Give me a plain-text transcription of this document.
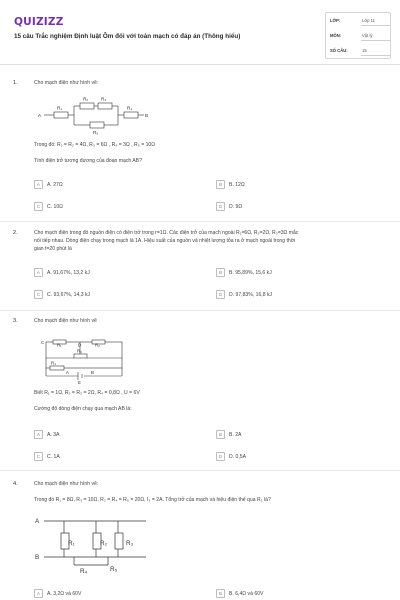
QUIZIZZ
15 câu Trắc nghiệm Định luật Ôm đối với toàn mạch có đáp án (Thông hiểu)
LỚP:	Lớp 11
MÔN:	Vật lý
SỐ CÂU:	15
1.	Cho mạch điện như hình vẽ:
A
R₁
R₂	R₃
R₄
R₅
B
Trong đó: R₁ = R₂ = 4Ω, R₃ = 6Ω , R₄ = 3Ω , R₅ = 10Ω
Tính điện trở tương đương của đoạn mạch AB?
A	A. 27Ω	B	B. 12Ω
C	C. 10Ω	D	D. 9Ω
2.	Cho mạch điện trong đó nguồn điện có điện trở trong r=1Ω. Các điện trở của mạch ngoài R₁=6Ω, R₂=2Ω, R₃=3Ω mắc
nối tiếp nhau. Dòng điện chạy trong mạch là 1A. Hiệu suất của nguồn và nhiệt lượng tỏa ra ở mạch ngoài trong thời
gian t=20 phút là
A	A. 91,67%, 13,2 kJ	B	B. 95,89%, 15,6 kJ
C	C. 93,67%, 14,3 kJ	D	D. 97,83%, 16,8 kJ
3.	Cho mạch điện như hình vẽ
C	R₁	D	R₂
R₃
R₄
A	B
E
Biết R₁ = 1Ω, R₂ = R₃ = 2Ω, R₄ = 0,8Ω , U = 6V
Cường độ dòng điện chạy qua mạch AB là:
A	A. 3A	B	B. 2A
C	C. 1A	D	D. 0,5A
4.	Cho mạch điện như hình vẽ:
Trong đó R₁ = 8Ω, R₃ = 10Ω, R₂ = R₄ = R₅ = 20Ω, I₃ = 2A. Tổng trở của mạch và hiệu điện thế qua R₂ là?
A
B
R₁	R₂	R₃
R₄	R₅
A	A. 3,2Ω và 60V	B	B. 6,4Ω và 60V
